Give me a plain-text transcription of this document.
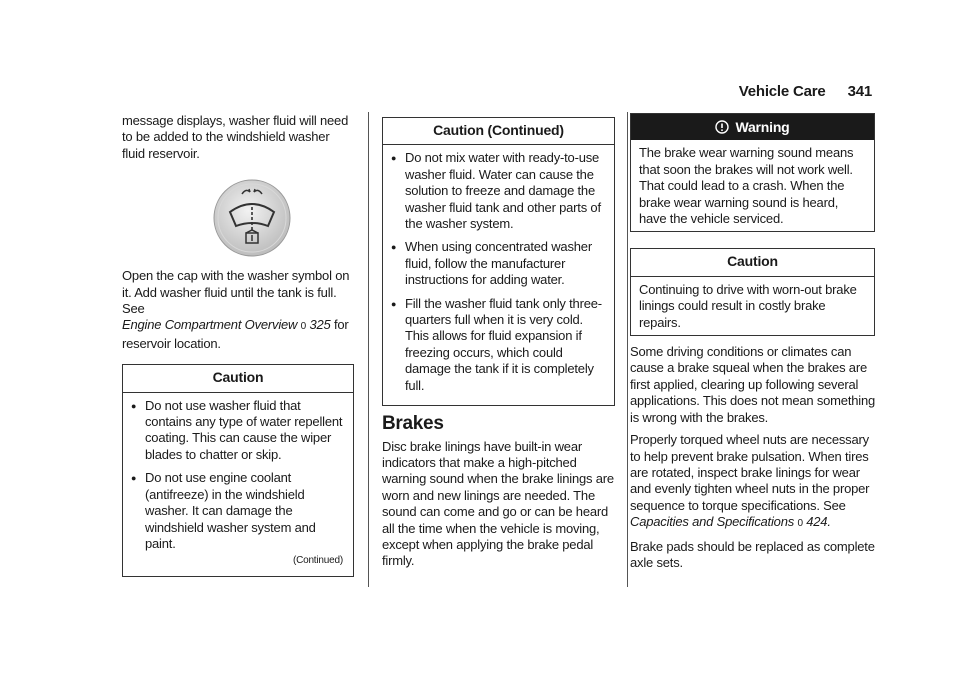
Vehicle Care 341

message displays, washer fluid will need to be added to the windshield washer fluid reservoir.

Open the cap with the washer symbol on it. Add washer fluid until the tank is full. See
Engine Compartment Overview 0 325 for reservoir location.

Caution
● Do not use washer fluid that contains any type of water repellent coating. This can cause the wiper blades to chatter or skip.
● Do not use engine coolant (antifreeze) in the windshield washer. It can damage the windshield washer system and paint.
(Continued)
Caution (Continued)
● Do not mix water with ready-to-use washer fluid. Water can cause the solution to freeze and damage the washer fluid tank and other parts of the washer system.
● When using concentrated washer fluid, follow the manufacturer instructions for adding water.
● Fill the washer fluid tank only three-quarters full when it is very cold. This allows for fluid expansion if freezing occurs, which could damage the tank if it is completely full.
Brakes

Disc brake linings have built-in wear indicators that make a high-pitched warning sound when the brake linings are worn and new linings are needed. The sound can come and go or can be heard all the time when the vehicle is moving, except when applying the brake pedal firmly.

Warning
The brake wear warning sound means that soon the brakes will not work well. That could lead to a crash. When the brake wear warning sound is heard, have the vehicle serviced.
Caution
Continuing to drive with worn-out brake linings could result in costly brake repairs.

Some driving conditions or climates can cause a brake squeal when the brakes are first applied, clearing up following several applications. This does not mean something is wrong with the brakes.

Properly torqued wheel nuts are necessary to help prevent brake pulsation. When tires are rotated, inspect brake linings for wear and evenly tighten wheel nuts in the proper sequence to torque specifications. See
Capacities and Specifications 0 424.

Brake pads should be replaced as complete axle sets.
